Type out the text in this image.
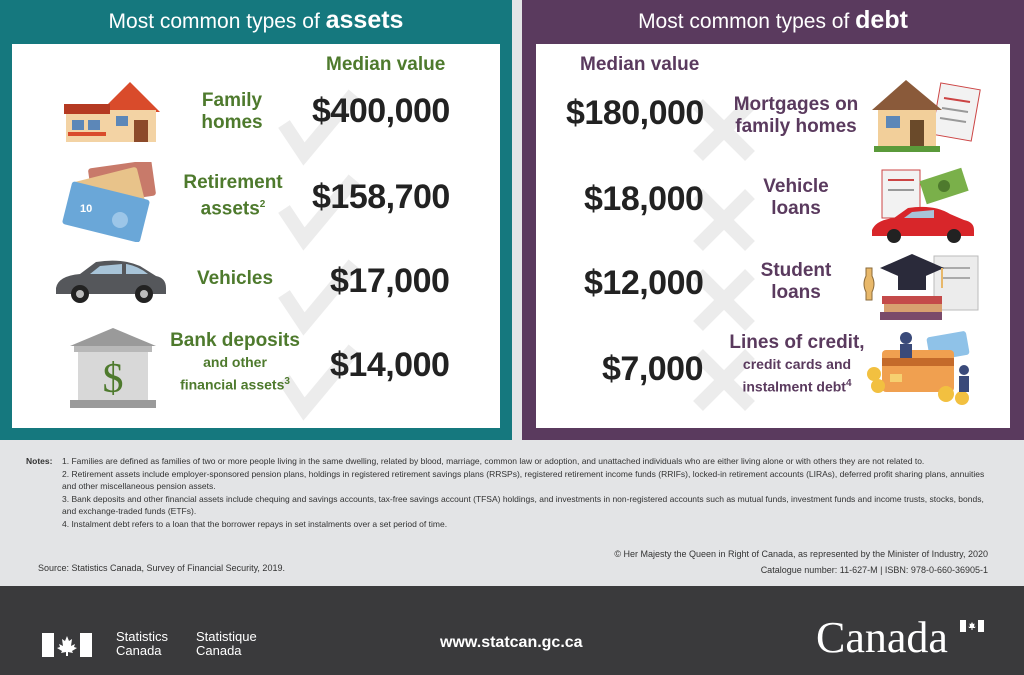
Most common types of assets
Median value
Family
homes	$400,000
10
Retirement
assets$^2$	$158,700
Vehicles $17,000
$
Bank deposits
and other
financial assets$^3$ $14,000
Most common types of debt
Median value
$180,000	Mortgages on
family homes
$18,000	Vehicle
loans
$12,000	Student
loans
$7,000
Lines of credit,
credit cards and
instalment debt$^4$
Notes: 1. Families are defined as families of two or more people living in the same dwelling, related by blood, marriage, common law or adoption, and unattached individuals who are either living alone or with others they are not related to.
2. Retirement assets include employer-sponsored pension plans, holdings in registered retirement savings plans (RRSPs), registered retirement income funds (RRIFs), locked-in retirement accounts (LIRAs), deferred profit sharing plans, annuities and other miscellaneous pension assets.
3. Bank deposits and other financial assets include chequing and savings accounts, tax-free savings account (TFSA) holdings, and investments in non-registered accounts such as mutual funds, investment funds and income trusts, stocks, bonds, and exchange-traded funds (ETFs).
4. Instalment debt refers to a loan that the borrower repays in set instalments over a set period of time.
Source: Statistics Canada, Survey of Financial Security, 2019.
© Her Majesty the Queen in Right of Canada, as represented by the Minister of Industry, 2020
Catalogue number: 11-627-M | ISBN: 978-0-660-36905-1
Statistics
Canada
Statistique
Canada	www.statcan.gc.ca	Canada
